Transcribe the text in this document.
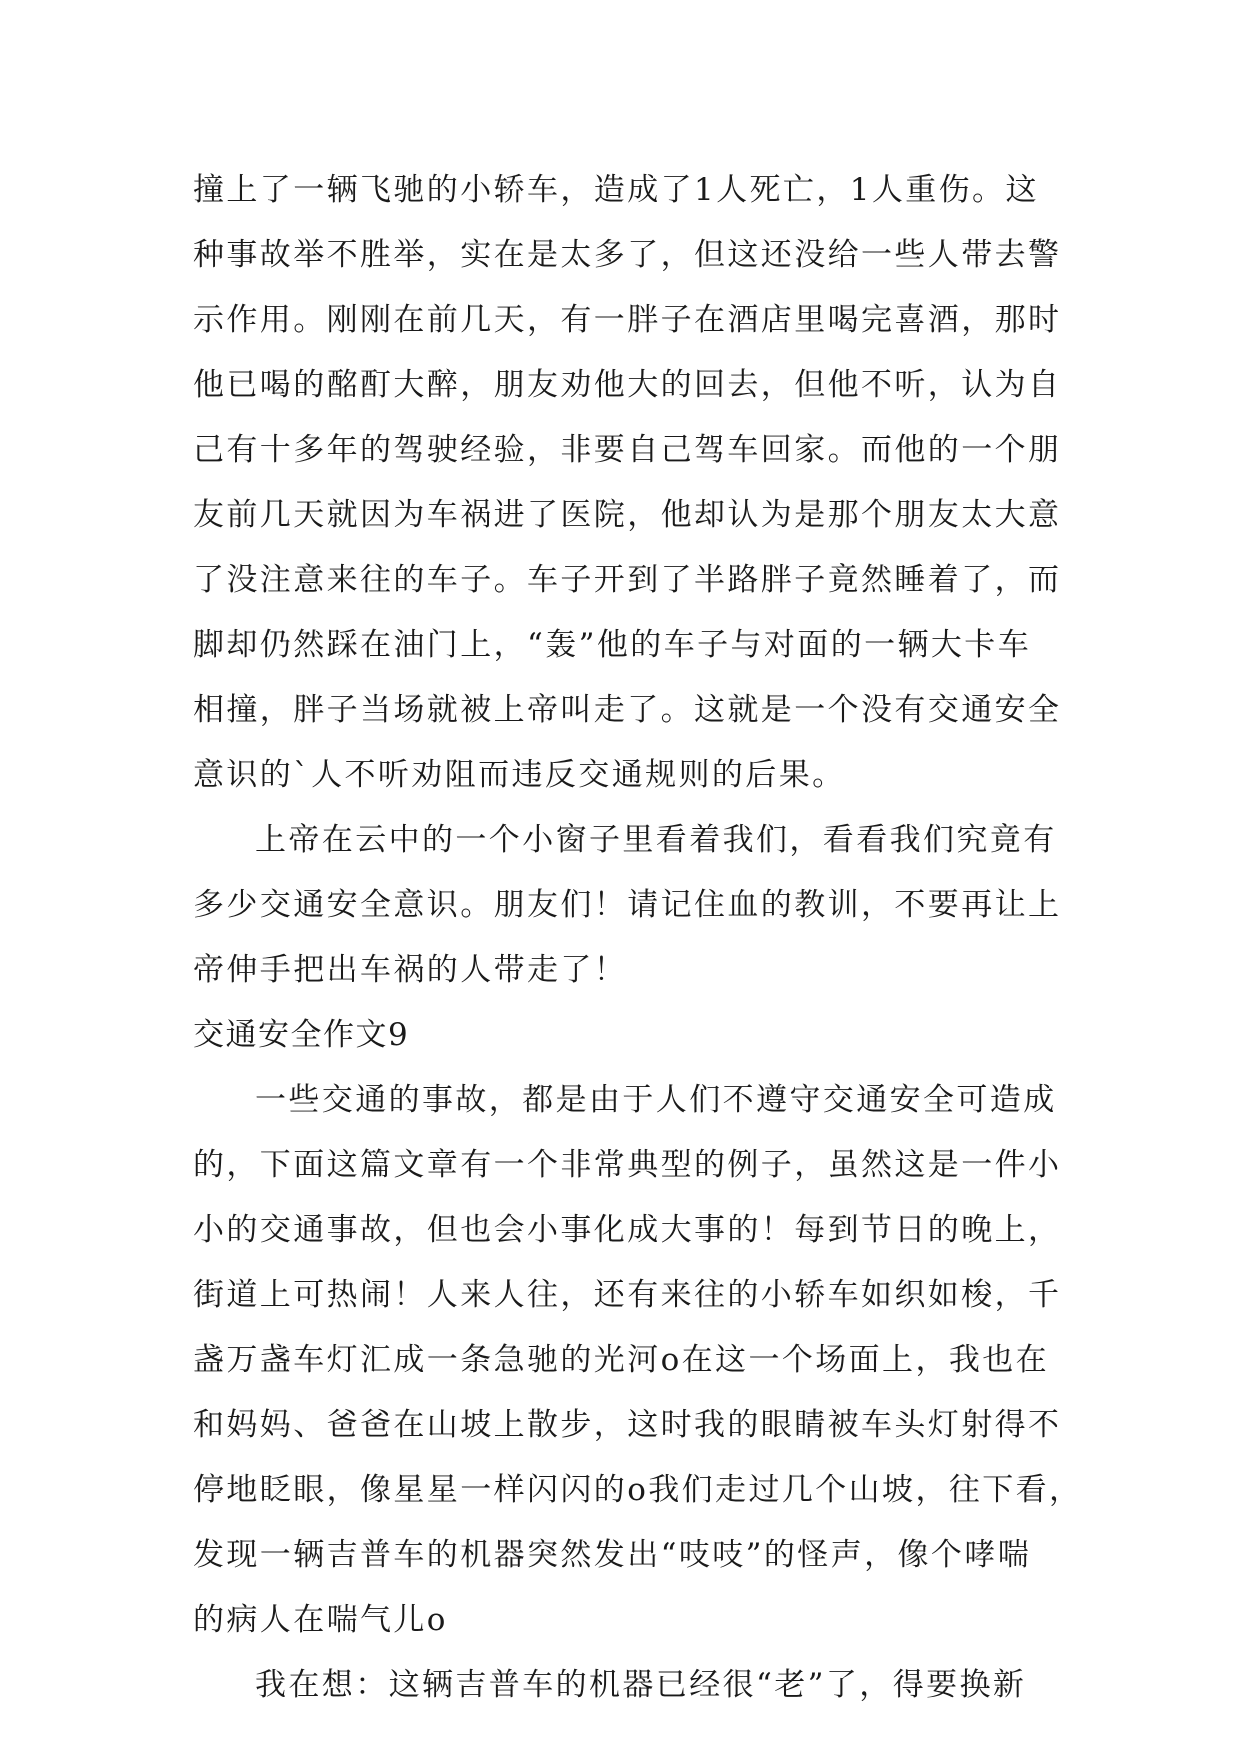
撞上了一辆飞驰的小轿车，造成了1人死亡，1人重伤。这
种事故举不胜举，实在是太多了，但这还没给一些人带去警
示作用。刚刚在前几天，有一胖子在酒店里喝完喜酒，那时
他已喝的酩酊大醉，朋友劝他大的回去，但他不听，认为自
己有十多年的驾驶经验，非要自己驾车回家。而他的一个朋
友前几天就因为车祸进了医院，他却认为是那个朋友太大意
了没注意来往的车子。车子开到了半路胖子竟然睡着了，而
脚却仍然踩在油门上，“轰”他的车子与对面的一辆大卡车
相撞，胖子当场就被上帝叫走了。这就是一个没有交通安全
意识的`人不听劝阻而违反交通规则的后果。
上帝在云中的一个小窗子里看着我们，看看我们究竟有
多少交通安全意识。朋友们！请记住血的教训，不要再让上
帝伸手把出车祸的人带走了！
交通安全作文9
一些交通的事故，都是由于人们不遵守交通安全可造成
的，下面这篇文章有一个非常典型的例子，虽然这是一件小
小的交通事故，但也会小事化成大事的！每到节日的晚上，
街道上可热闹！人来人往，还有来往的小轿车如织如梭，千
盏万盏车灯汇成一条急驰的光河o在这一个场面上，我也在
和妈妈、爸爸在山坡上散步，这时我的眼睛被车头灯射得不
停地眨眼，像星星一样闪闪的o我们走过几个山坡，往下看，
发现一辆吉普车的机器突然发出“吱吱”的怪声，像个哮喘
的病人在喘气儿o
我在想：这辆吉普车的机器已经很“老”了，得要换新
